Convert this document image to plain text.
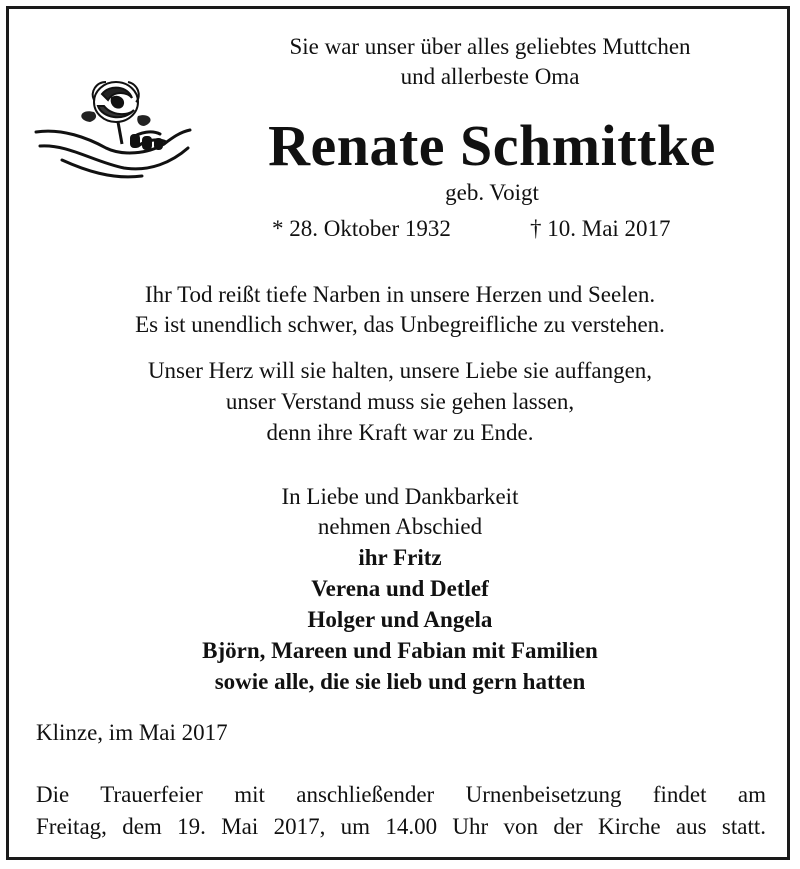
Sie war unser über alles geliebtes Muttchen
und allerbeste Oma
Renate Schmittke
geb. Voigt
* 28. Oktober 1932	† 10. Mai 2017
Ihr Tod reißt tiefe Narben in unsere Herzen und Seelen.
Es ist unendlich schwer, das Unbegreifliche zu verstehen.
Unser Herz will sie halten, unsere Liebe sie auffangen,
unser Verstand muss sie gehen lassen,
denn ihre Kraft war zu Ende.
In Liebe und Dankbarkeit
nehmen Abschied
ihr Fritz
Verena und Detlef
Holger und Angela
Björn, Mareen und Fabian mit Familien
sowie alle, die sie lieb und gern hatten
Klinze, im Mai 2017
Die Trauerfeier mit anschließender Urnenbeisetzung findet am
Freitag, dem 19. Mai 2017, um 14.00 Uhr von der Kirche aus statt.
